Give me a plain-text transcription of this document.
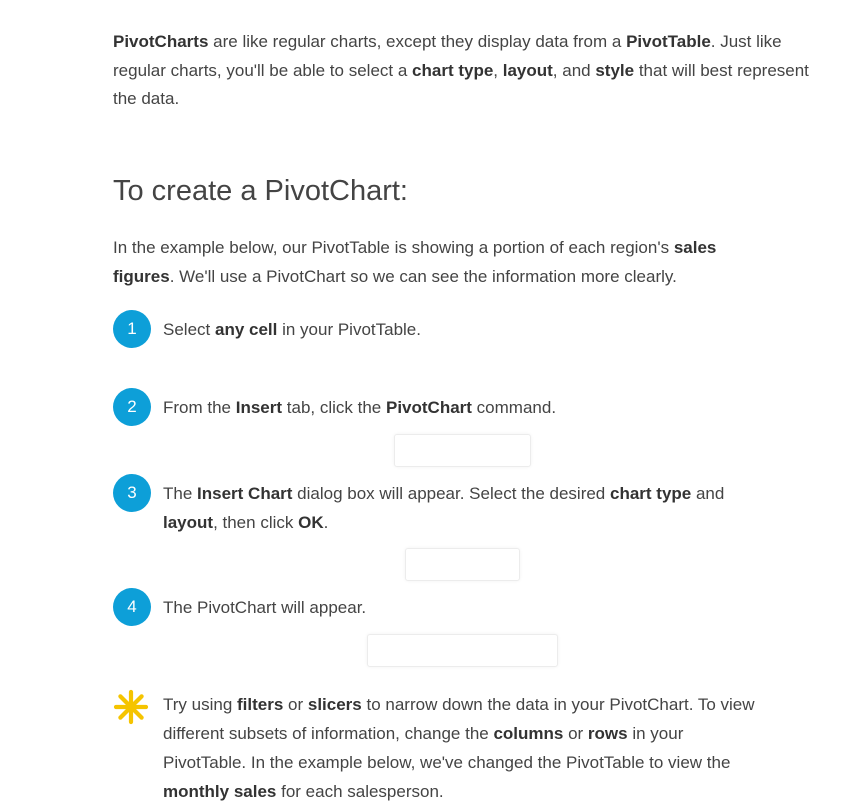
PivotCharts are like regular charts, except they display data from a PivotTable. Just like regular charts, you'll be able to select a chart type, layout, and style that will best represent the data.

To create a PivotChart:

In the example below, our PivotTable is showing a portion of each region's sales figures. We'll use a PivotChart so we can see the information more clearly.

1	Select any cell in your PivotTable.

2	From the Insert tab, click the PivotChart command.

3	The Insert Chart dialog box will appear. Select the desired chart type and layout, then click OK.

4	The PivotChart will appear.

Try using filters or slicers to narrow down the data in your PivotChart. To view different subsets of information, change the columns or rows in your PivotTable. In the example below, we've changed the PivotTable to view the monthly sales for each salesperson.
